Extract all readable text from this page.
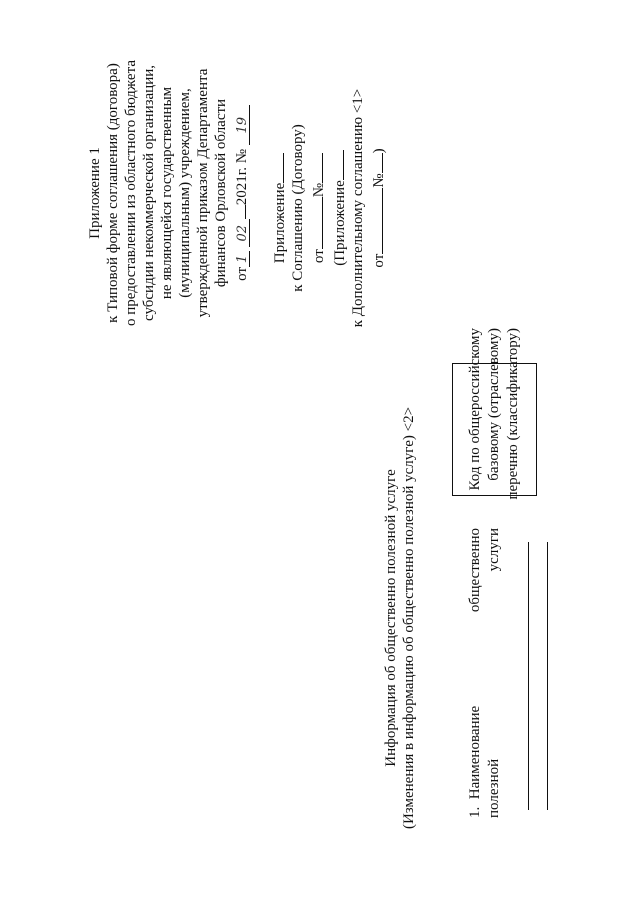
Приложение 1 к Типовой форме соглашения (договора) о предоставлении из областного бюджета субсидии некоммерческой организации, не являющейся государственным (муниципальным) учреждением, утвержденной приказом Департамента финансов Орловской области от1 022021г. № 19
Приложение к Соглашению (Договору) от№ (Приложение к Дополнительному соглашению <1> от№)
Информация об общественно полезной услуге (Изменения в информацию об общественно полезной услуге) <2>	1.  Наименование
общественно
полезной
услуги
Код по общероссийскому базовому (отраслевому) перечню (классификатору)
